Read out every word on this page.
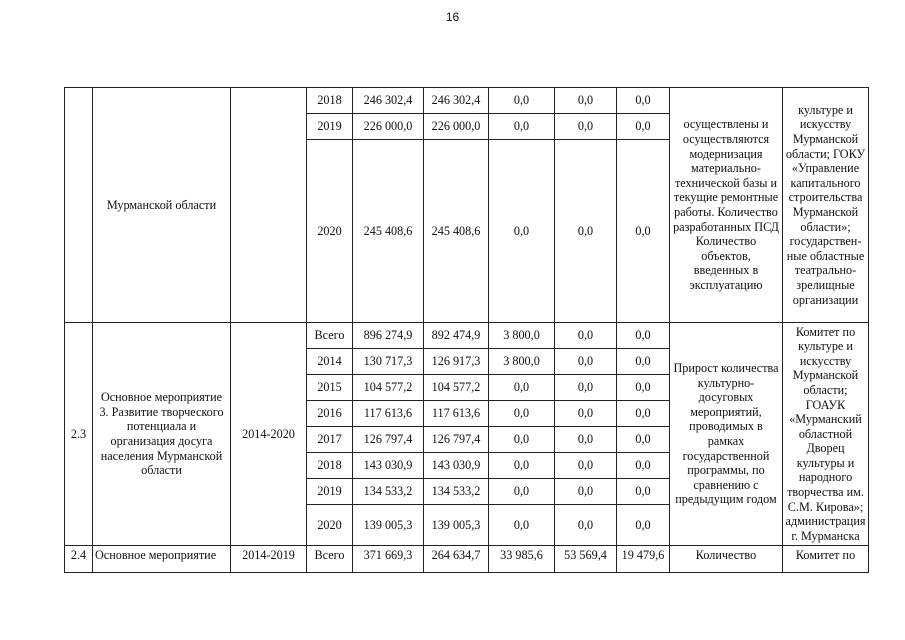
16
	Мурманской области		2018	246 302,4	246 302,4	0,0	0,0	0,0	осуществлены и осуществляются модернизация материально-технической базы и текущие ремонтные работы. Количество разработанных ПСД Количество объектов, введенных в эксплуатацию	культуре и искусству Мурманской области; ГОКУ «Управление капитального строительства Мурманской области»; государствен-ные областные театрально-зрелищные организации
			2019	226 000,0	226 000,0	0,0	0,0	0,0		
			2020	245 408,6	245 408,6	0,0	0,0	0,0		
2.3	Основное мероприятие 3. Развитие творческого потенциала и организация досуга населения Мурманской области	2014-2020	Всего	896 274,9	892 474,9	3 800,0	0,0	0,0	Прирост количества культурно-досуговых мероприятий, проводимых в рамках государственной программы, по сравнению с предыдущим годом	Комитет по культуре и искусству Мурманской области; ГОАУК «Мурманский областной Дворец культуры и народного творчества им. С.М. Кирова»; администрация г. Мурманска
			2014	130 717,3	126 917,3	3 800,0	0,0	0,0		
			2015	104 577,2	104 577,2	0,0	0,0	0,0		
			2016	117 613,6	117 613,6	0,0	0,0	0,0		
			2017	126 797,4	126 797,4	0,0	0,0	0,0		
			2018	143 030,9	143 030,9	0,0	0,0	0,0		
			2019	134 533,2	134 533,2	0,0	0,0	0,0		
			2020	139 005,3	139 005,3	0,0	0,0	0,0		
2.4	Основное мероприятие	2014-2019	Всего	371 669,3	264 634,7	33 985,6	53 569,4	19 479,6	Количество	Комитет по
